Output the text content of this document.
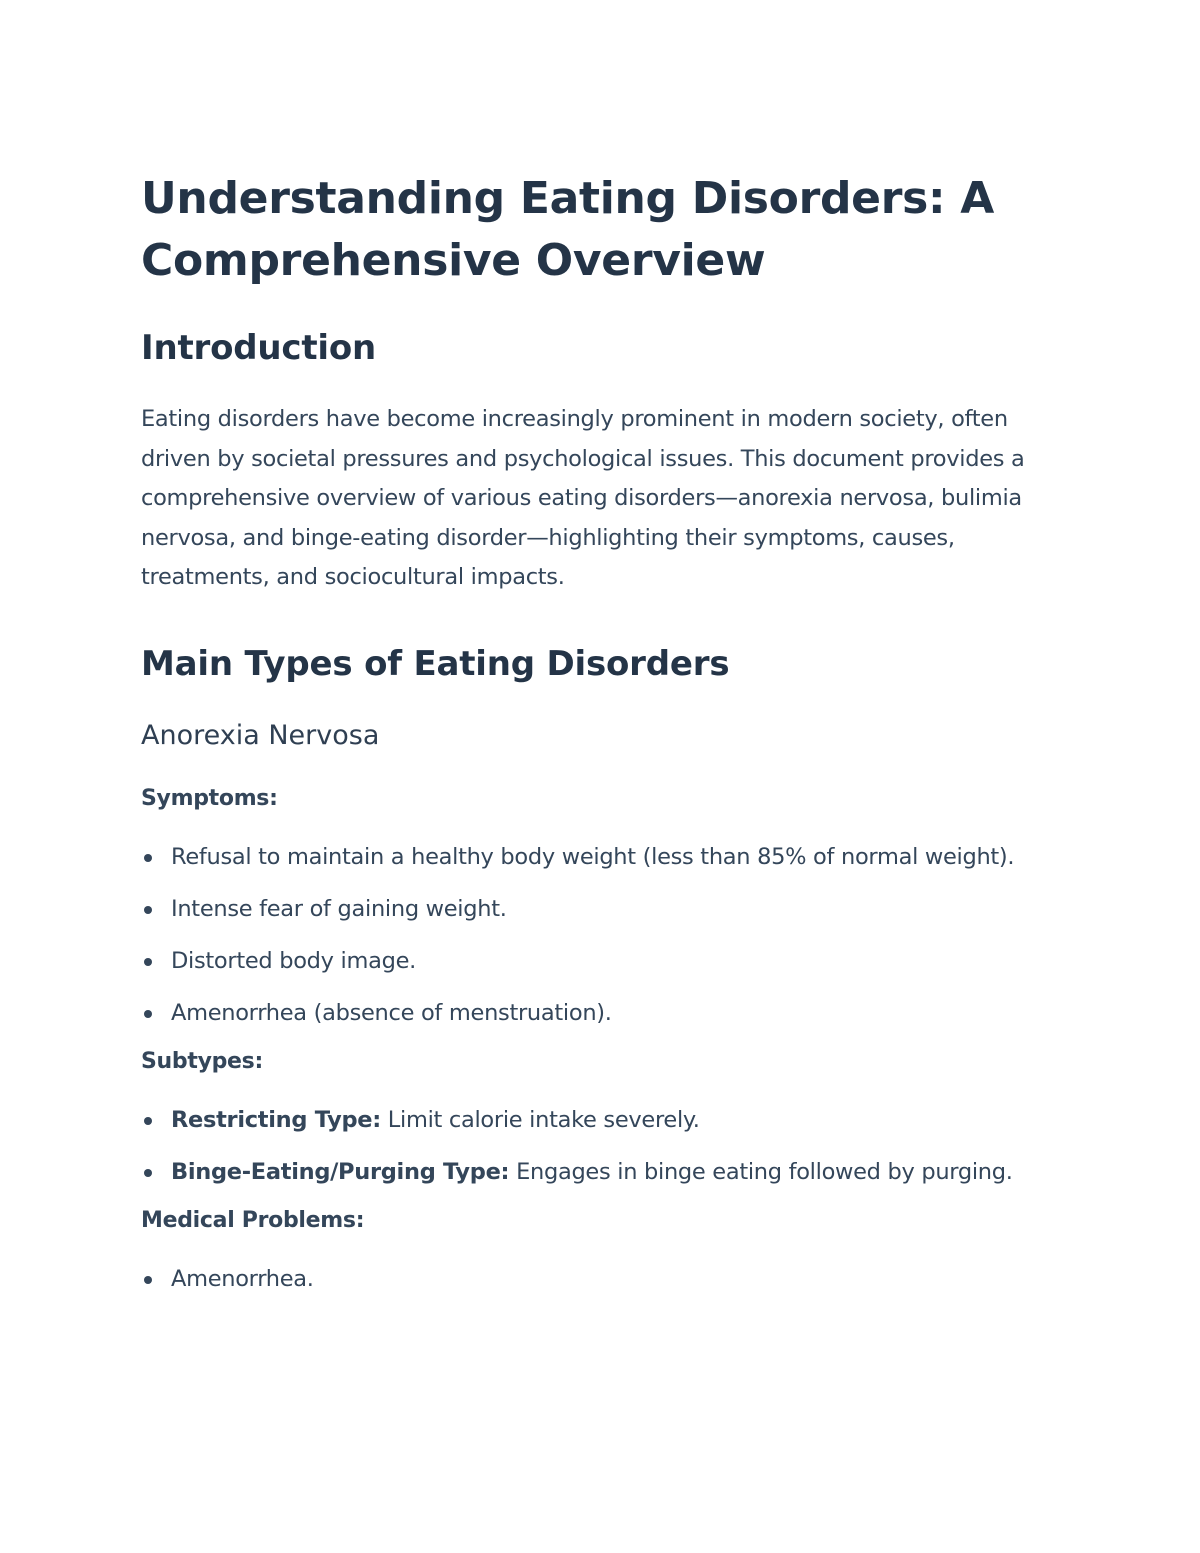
Understanding Eating Disorders: A Comprehensive Overview
Introduction

Eating disorders have become increasingly prominent in modern society, often driven by societal pressures and psychological issues. This document provides a comprehensive overview of various eating disorders—anorexia nervosa, bulimia nervosa, and binge-eating disorder—highlighting their symptoms, causes, treatments, and sociocultural impacts.

Main Types of Eating Disorders
Anorexia Nervosa

Symptoms:

Refusal to maintain a healthy body weight (less than 85% of normal weight).
Intense fear of gaining weight.
Distorted body image.
Amenorrhea (absence of menstruation).

Subtypes:

Restricting Type: Limit calorie intake severely.
Binge-Eating/Purging Type: Engages in binge eating followed by purging.

Medical Problems:

Amenorrhea.
